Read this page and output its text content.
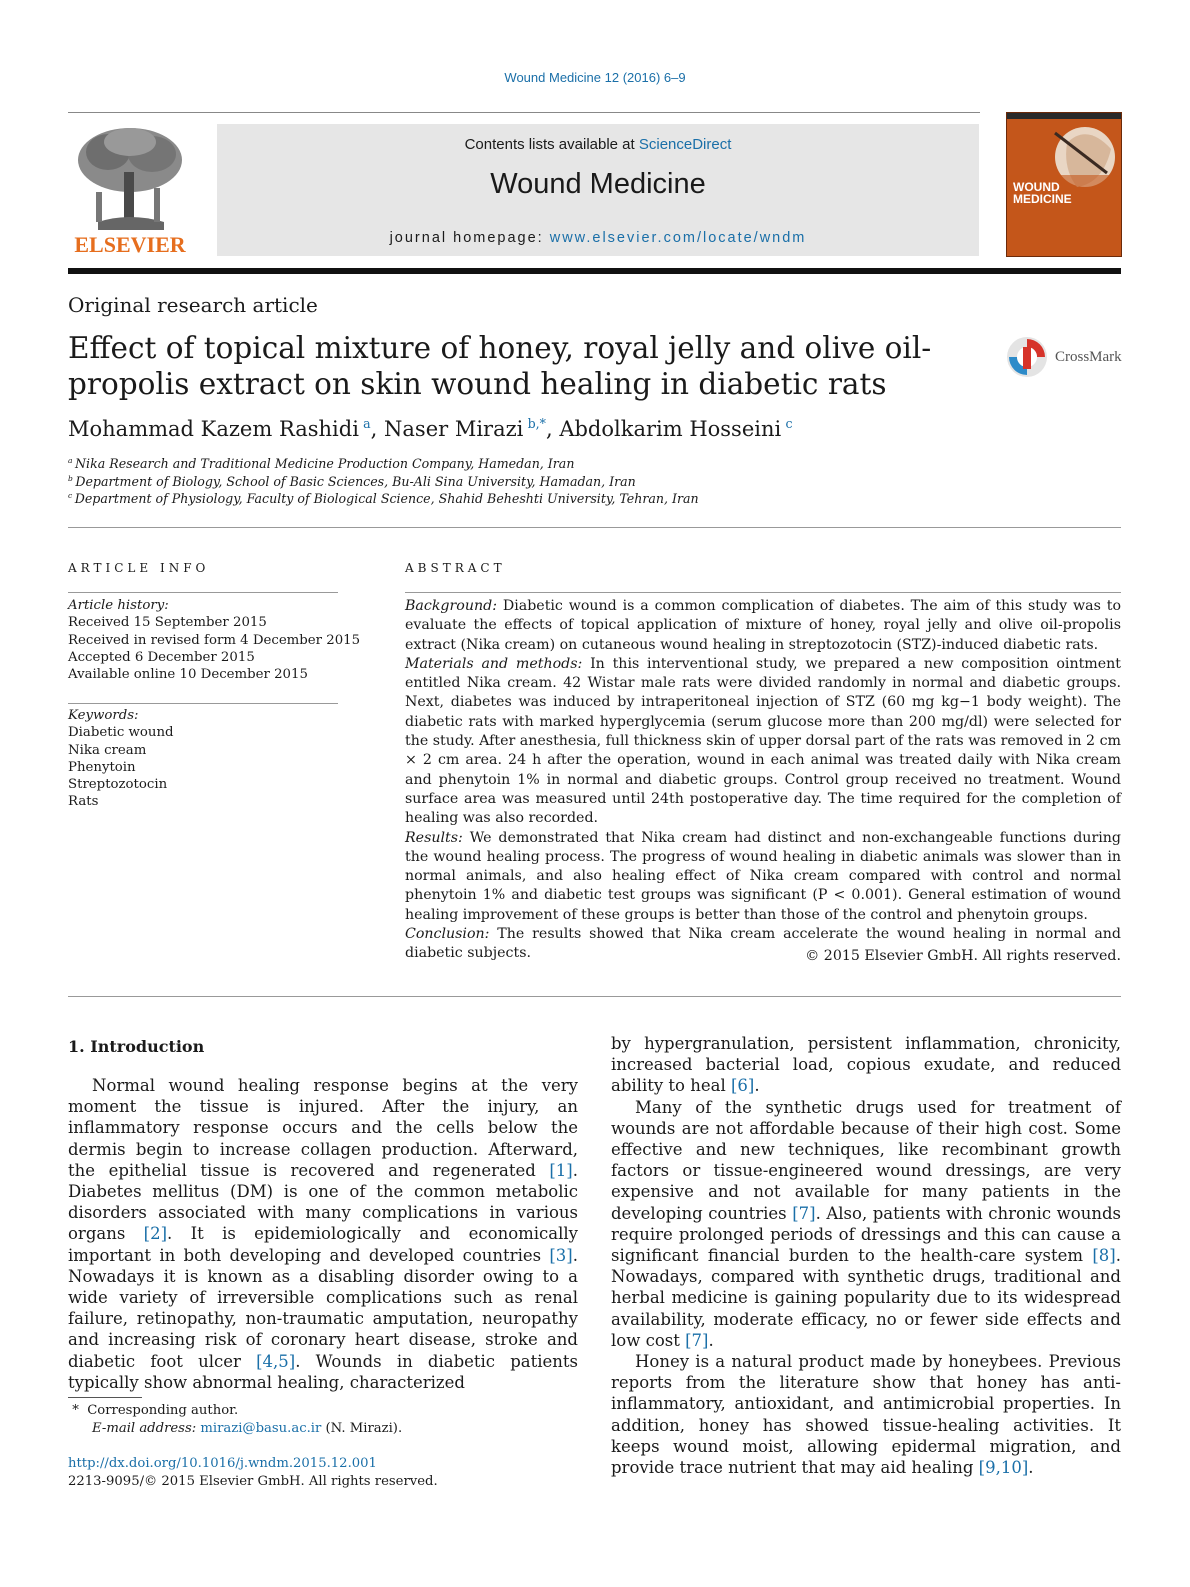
Wound Medicine 12 (2016) 6–9
ELSEVIER
Contents lists available at ScienceDirect
Wound Medicine
journal homepage: www.elsevier.com/locate/wndm
WOUND MEDICINE
Original research article
Effect of topical mixture of honey, royal jelly and olive oil-propolis extract on skin wound healing in diabetic rats
CrossMark
Mohammad Kazem Rashidi  $^a$, Naser Mirazi  $^{b,*}$, Abdolkarim Hosseini  $^c$
$^a$  Nika Research and Traditional Medicine Production Company, Hamedan, Iran
$^b$  Department of Biology, School of Basic Sciences, Bu-Ali Sina University, Hamadan, Iran
$^c$  Department of Physiology, Faculty of Biological Science, Shahid Beheshti University, Tehran, Iran
ARTICLE INFO
Article history:
Received 15 September 2015
Received in revised form 4 December 2015
Accepted 6 December 2015
Available online 10 December 2015
Keywords:
Diabetic wound
Nika cream
Phenytoin
Streptozotocin
Rats
ABSTRACT

Background: Diabetic wound is a common complication of diabetes. The aim of this study was to evaluate the effects of topical application of mixture of honey, royal jelly and olive oil-propolis extract (Nika cream) on cutaneous wound healing in streptozotocin (STZ)-induced diabetic rats.

Materials and methods: In this interventional study, we prepared a new composition ointment entitled Nika cream. 42 Wistar male rats were divided randomly in normal and diabetic groups. Next, diabetes was induced by intraperitoneal injection of STZ (60 mg kg−1 body weight). The diabetic rats with marked hyperglycemia (serum glucose more than 200 mg/dl) were selected for the study. After anesthesia, full thickness skin of upper dorsal part of the rats was removed in 2 cm × 2 cm area. 24 h after the operation, wound in each animal was treated daily with Nika cream and phenytoin 1% in normal and diabetic groups. Control group received no treatment. Wound surface area was measured until 24th postoperative day. The time required for the completion of healing was also recorded.

Results: We demonstrated that Nika cream had distinct and non-exchangeable functions during the wound healing process. The progress of wound healing in diabetic animals was slower than in normal animals, and also healing effect of Nika cream compared with control and normal phenytoin 1% and diabetic test groups was significant (P < 0.001). General estimation of wound healing improvement of these groups is better than those of the control and phenytoin groups.

Conclusion: The results showed that Nika cream accelerate the wound healing in normal and diabetic subjects.	© 2015 Elsevier GmbH. All rights reserved.
1. Introduction

Normal wound healing response begins at the very moment the tissue is injured. After the injury, an inflammatory response occurs and the cells below the dermis begin to increase collagen production. Afterward, the epithelial tissue is recovered and regenerated [1]. Diabetes mellitus (DM) is one of the common metabolic disorders associated with many complications in various organs [2]. It is epidemiologically and economically important in both developing and developed countries [3]. Nowadays it is known as a disabling disorder owing to a wide variety of irreversible complications such as renal failure, retinopathy, non-traumatic amputation, neuropathy and increasing risk of coronary heart disease, stroke and diabetic foot ulcer [4,5]. Wounds in diabetic patients typically show abnormal healing, characterized

by hypergranulation, persistent inflammation, chronicity, increased bacterial load, copious exudate, and reduced ability to heal [6].

Many of the synthetic drugs used for treatment of wounds are not affordable because of their high cost. Some effective and new techniques, like recombinant growth factors or tissue-engineered wound dressings, are very expensive and not available for many patients in the developing countries [7]. Also, patients with chronic wounds require prolonged periods of dressings and this can cause a significant financial burden to the health-care system [8]. Nowadays, compared with synthetic drugs, traditional and herbal medicine is gaining popularity due to its widespread availability, moderate efficacy, no or fewer side effects and low cost [7].

Honey is a natural product made by honeybees. Previous reports from the literature show that honey has anti-inflammatory, antioxidant, and antimicrobial properties. In addition, honey has showed tissue-healing activities. It keeps wound moist, allowing epidermal migration, and provide trace nutrient that may aid healing [9,10].

* Corresponding author.
E-mail address: mirazi@basu.ac.ir (N. Mirazi).
http://dx.doi.org/10.1016/j.wndm.2015.12.001
2213-9095/© 2015 Elsevier GmbH. All rights reserved.
